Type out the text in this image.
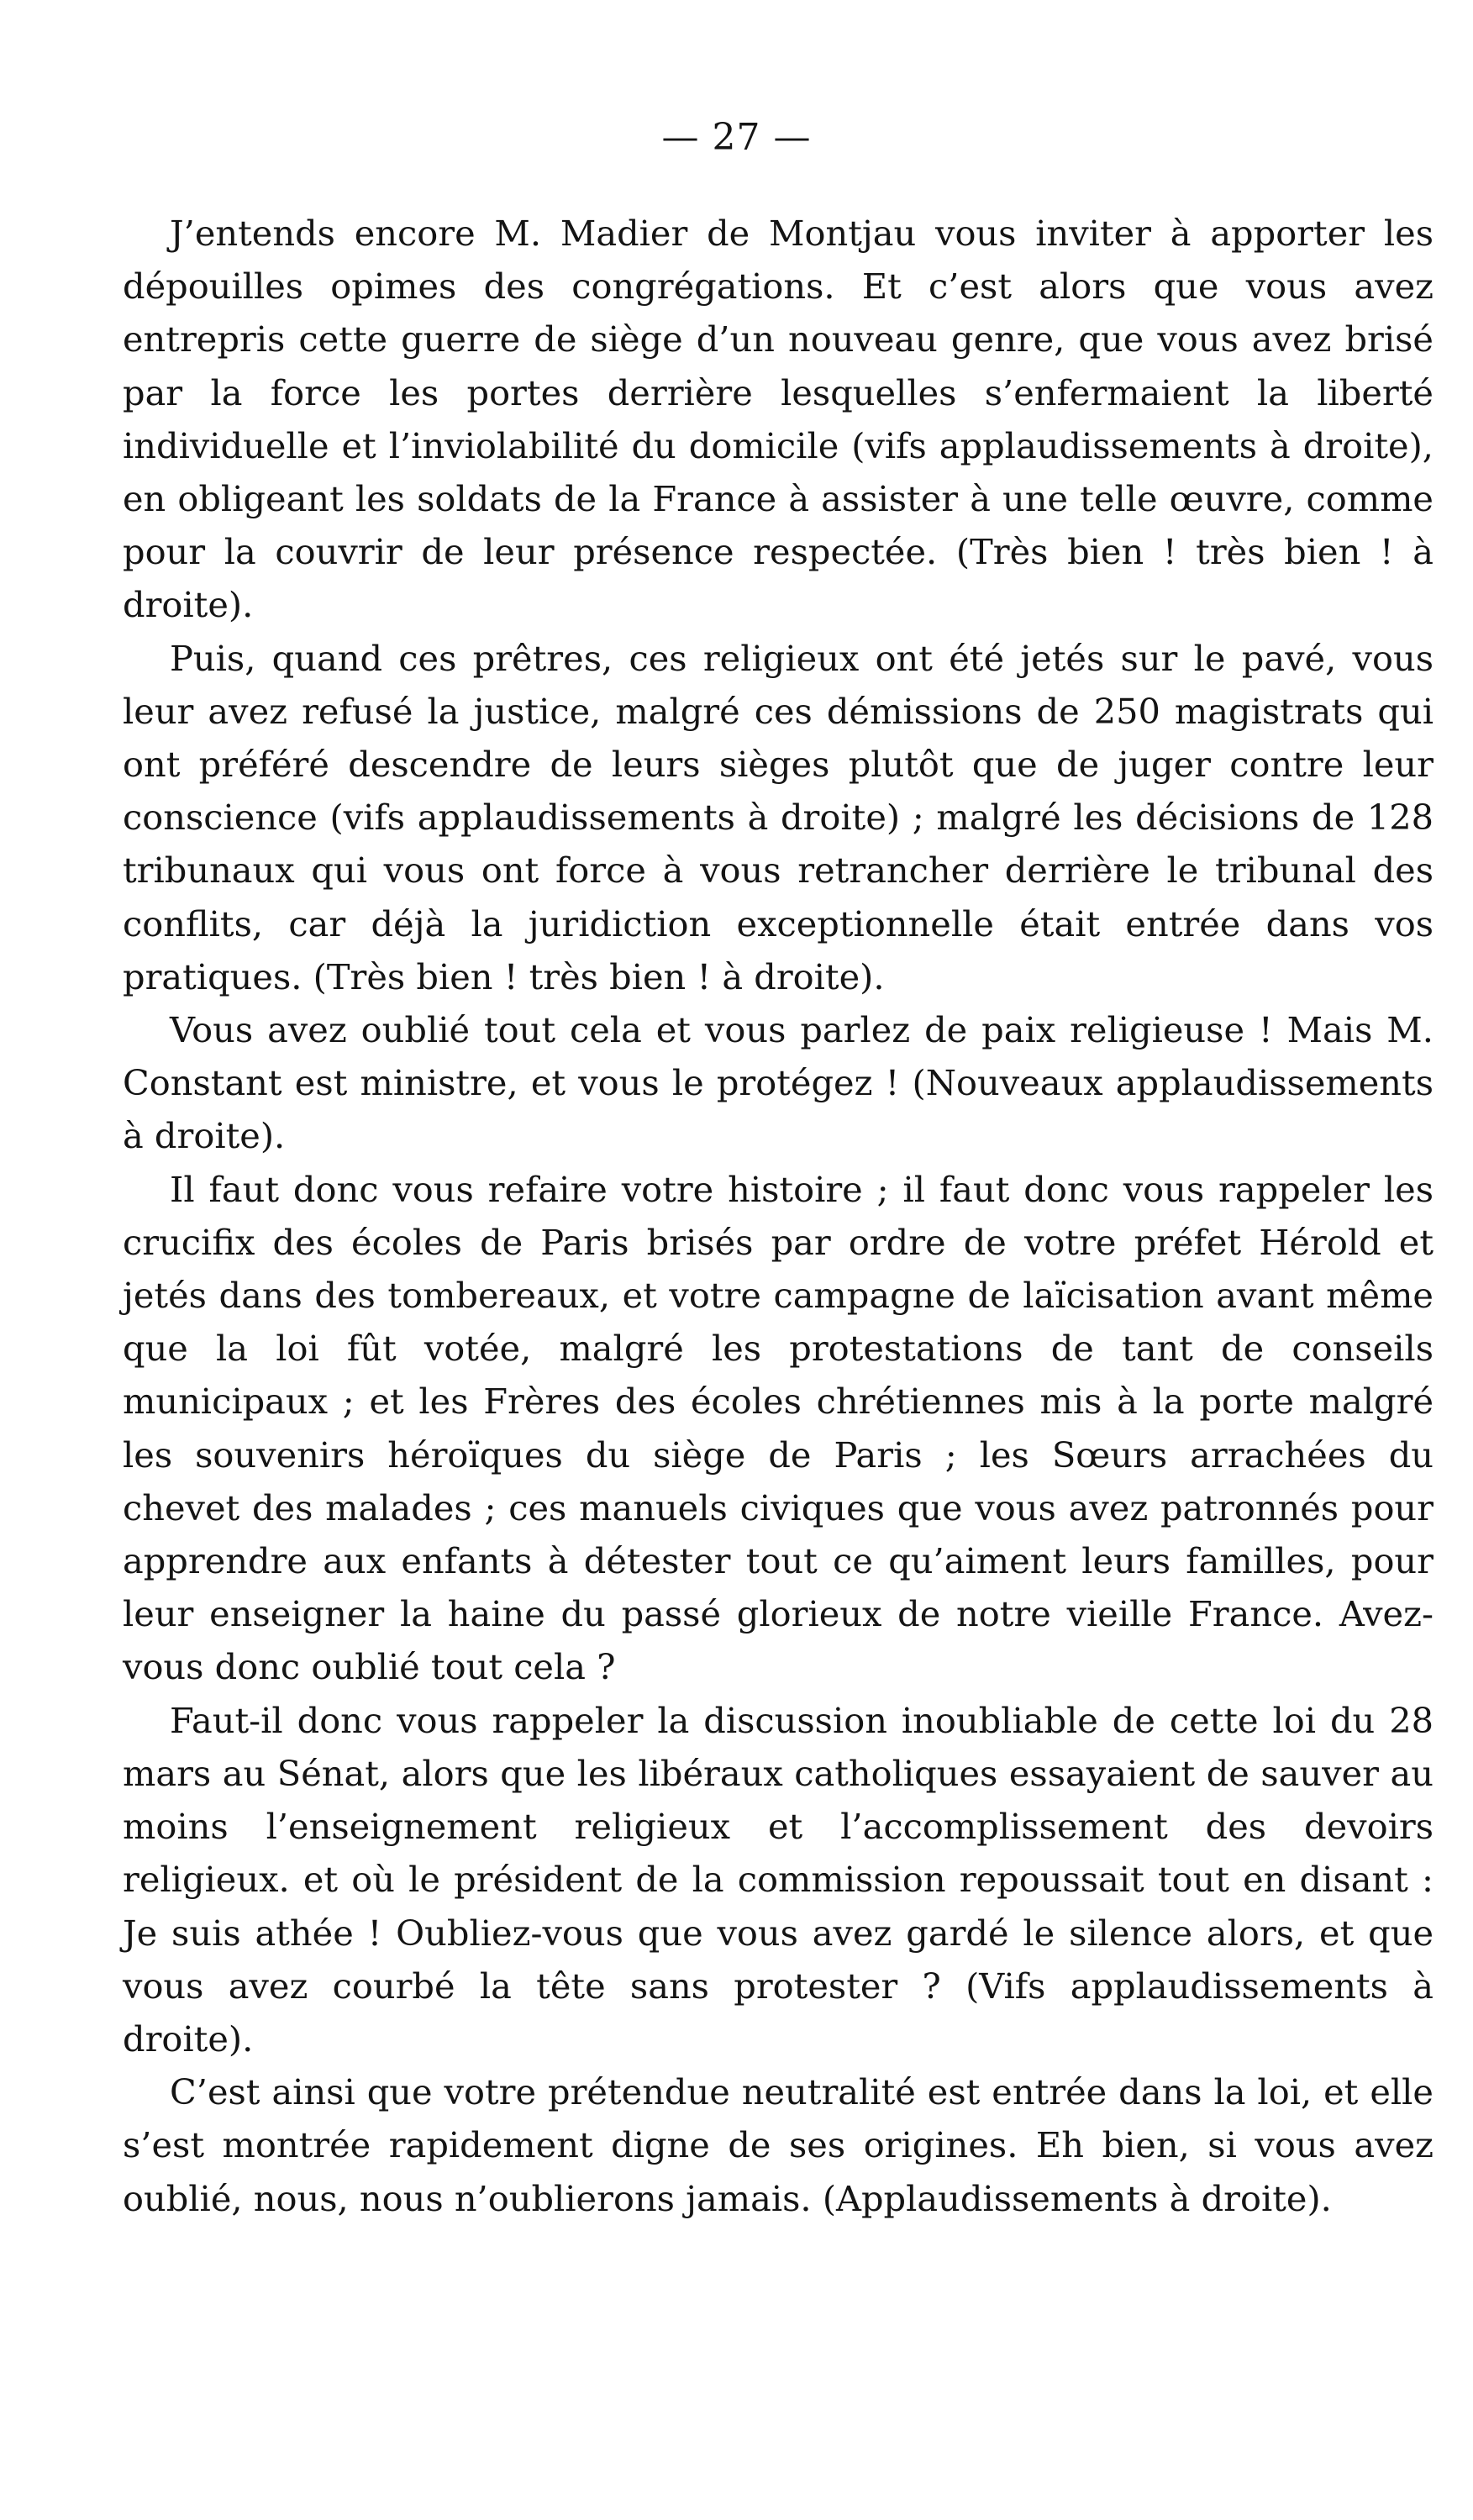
— 27 —

J’entends encore M. Madier de Montjau vous inviter à apporter les dépouilles opimes des congrégations. Et c’est alors que vous avez entrepris cette guerre de siège d’un nouveau genre, que vous avez brisé par la force les portes derrière lesquelles s’enfermaient la liberté individuelle et l’inviolabilité du domicile (vifs applaudissements à droite), en obligeant les soldats de la France à assister à une telle œuvre, comme pour la couvrir de leur présence respectée. (Très bien ! très bien ! à droite).

Puis, quand ces prêtres, ces religieux ont été jetés sur le pavé, vous leur avez refusé la justice, malgré ces démissions de 250 magistrats qui ont préféré descendre de leurs sièges plutôt que de juger contre leur conscience (vifs applaudissements à droite) ; malgré les décisions de 128 tribunaux qui vous ont force à vous retrancher derrière le tribunal des conflits, car déjà la juridiction exceptionnelle était entrée dans vos pratiques. (Très bien ! très bien ! à droite).

Vous avez oublié tout cela et vous parlez de paix religieuse ! Mais M. Constant est ministre, et vous le protégez ! (Nouveaux applaudissements à droite).

Il faut donc vous refaire votre histoire ; il faut donc vous rappeler les crucifix des écoles de Paris brisés par ordre de votre préfet Hérold et jetés dans des tombereaux, et votre campagne de laïcisation avant même que la loi fût votée, malgré les protestations de tant de conseils municipaux ; et les Frères des écoles chrétiennes mis à la porte malgré les souvenirs héroïques du siège de Paris ; les Sœurs arrachées du chevet des malades ; ces manuels civiques que vous avez patronnés pour apprendre aux enfants à détester tout ce qu’aiment leurs familles, pour leur enseigner la haine du passé glorieux de notre vieille France. Avez-vous donc oublié tout cela ?

Faut-il donc vous rappeler la discussion inoubliable de cette loi du 28 mars au Sénat, alors que les libéraux catholiques essayaient de sauver au moins l’enseignement religieux et l’accomplissement des devoirs religieux. et où le président de la commission repoussait tout en disant : Je suis athée ! Oubliez-vous que vous avez gardé le silence alors, et que vous avez courbé la tête sans protester ? (Vifs applaudissements à droite).

C’est ainsi que votre prétendue neutralité est entrée dans la loi, et elle s’est montrée rapidement digne de ses origines. Eh bien, si vous avez oublié, nous, nous n’oublierons jamais. (Applaudissements à droite).
